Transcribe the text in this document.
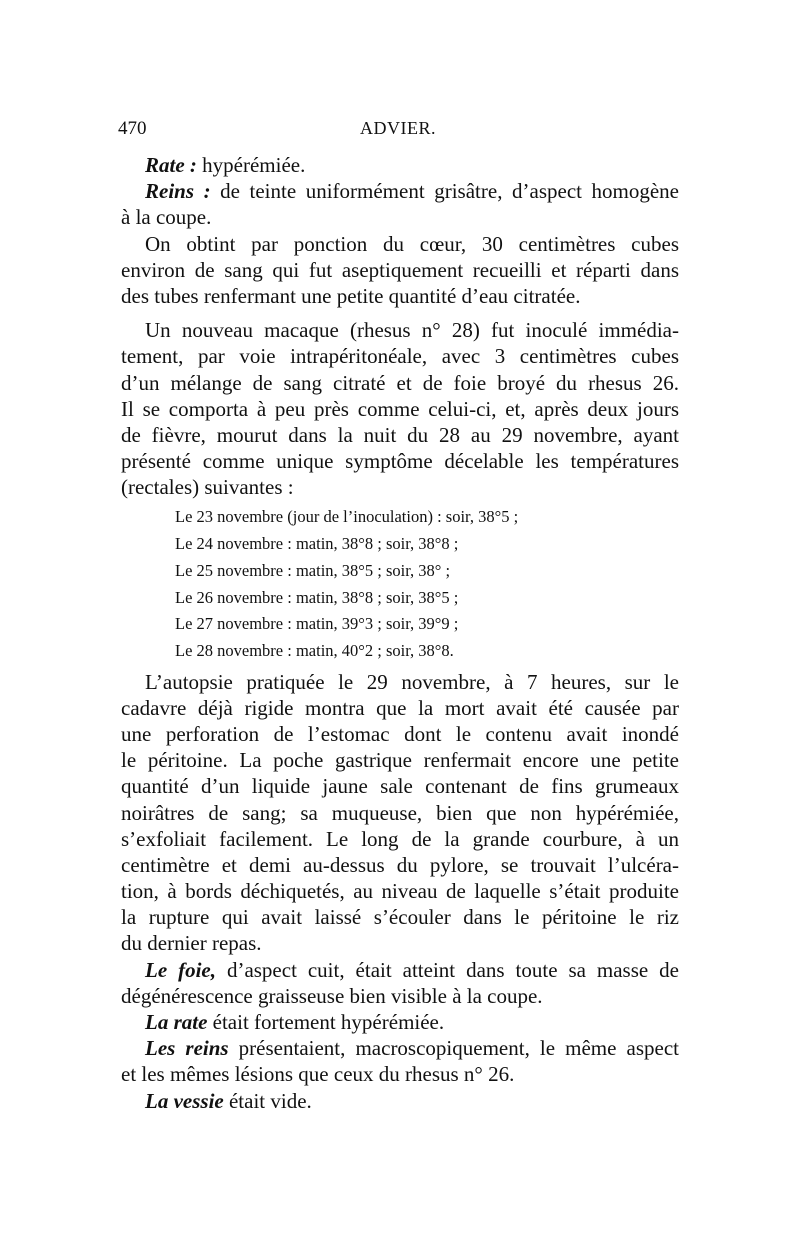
470	ADVIER.
Rate : hypérémiée.
Reins : de teinte uniformément grisâtre, d’aspect homogène
à la coupe.
On obtint par ponction du cœur, 30 centimètres cubes
environ de sang qui fut aseptiquement recueilli et réparti dans
des tubes renfermant une petite quantité d’eau citratée.
Un nouveau macaque (rhesus n° 28) fut inoculé immédia-
tement, par voie intrapéritonéale, avec 3 centimètres cubes
d’un mélange de sang citraté et de foie broyé du rhesus 26.
Il se comporta à peu près comme celui-ci, et, après deux jours
de fièvre, mourut dans la nuit du 28 au 29 novembre, ayant
présenté comme unique symptôme décelable les températures
(rectales) suivantes :
Le 23 novembre (jour de l’inoculation) : soir, 38°5 ;
Le 24 novembre : matin, 38°8 ; soir, 38°8 ;
Le 25 novembre : matin, 38°5 ; soir, 38° ;
Le 26 novembre : matin, 38°8 ; soir, 38°5 ;
Le 27 novembre : matin, 39°3 ; soir, 39°9 ;
Le 28 novembre : matin, 40°2 ; soir, 38°8.
L’autopsie pratiquée le 29 novembre, à 7 heures, sur le
cadavre déjà rigide montra que la mort avait été causée par
une perforation de l’estomac dont le contenu avait inondé
le péritoine. La poche gastrique renfermait encore une petite
quantité d’un liquide jaune sale contenant de fins grumeaux
noirâtres de sang; sa muqueuse, bien que non hypérémiée,
s’exfoliait facilement. Le long de la grande courbure, à un
centimètre et demi au-dessus du pylore, se trouvait l’ulcéra-
tion, à bords déchiquetés, au niveau de laquelle s’était produite
la rupture qui avait laissé s’écouler dans le péritoine le riz
du dernier repas.
Le foie, d’aspect cuit, était atteint dans toute sa masse de
dégénérescence graisseuse bien visible à la coupe.
La rate était fortement hypérémiée.
Les reins présentaient, macroscopiquement, le même aspect
et les mêmes lésions que ceux du rhesus n° 26.
La vessie était vide.
